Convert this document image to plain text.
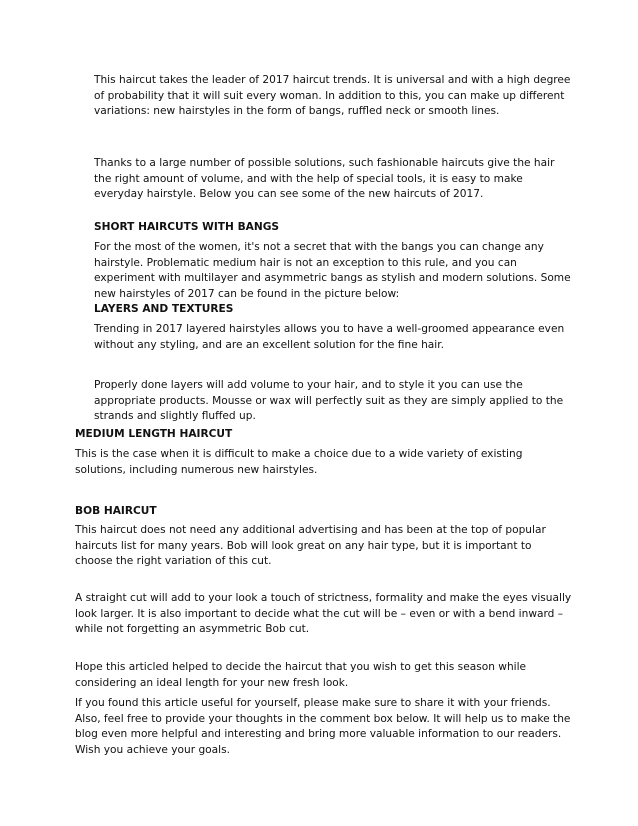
This haircut takes the leader of 2017 haircut trends. It is universal and with a high degree of probability that it will suit every woman. In addition to this, you can make up different variations: new hairstyles in the form of bangs, ruffled neck or smooth lines.

Thanks to a large number of possible solutions, such fashionable haircuts give the hair the right amount of volume, and with the help of special tools, it is easy to make everyday hairstyle. Below you can see some of the new haircuts of 2017.

SHORT HAIRCUTS WITH BANGS

For the most of the women, it's not a secret that with the bangs you can change any hairstyle. Problematic medium hair is not an exception to this rule, and you can experiment with multilayer and asymmetric bangs as stylish and modern solutions. Some new hairstyles of 2017 can be found in the picture below:

LAYERS AND TEXTURES

Trending in 2017 layered hairstyles allows you to have a well-groomed appearance even without any styling, and are an excellent solution for the fine hair.

Properly done layers will add volume to your hair, and to style it you can use the appropriate products. Mousse or wax will perfectly suit as they are simply applied to the strands and slightly fluffed up.

MEDIUM LENGTH HAIRCUT

This is the case when it is difficult to make a choice due to a wide variety of existing solutions, including numerous new hairstyles.

BOB HAIRCUT

This haircut does not need any additional advertising and has been at the top of popular haircuts list for many years. Bob will look great on any hair type, but it is important to choose the right variation of this cut.

A straight cut will add to your look a touch of strictness, formality and make the eyes visually look larger. It is also important to decide what the cut will be – even or with a bend inward – while not forgetting an asymmetric Bob cut.

Hope this articled helped to decide the haircut that you wish to get this season while considering an ideal length for your new fresh look.

If you found this article useful for yourself, please make sure to share it with your friends. Also, feel free to provide your thoughts in the comment box below. It will help us to make the blog even more helpful and interesting and bring more valuable information to our readers. Wish you achieve your goals.
